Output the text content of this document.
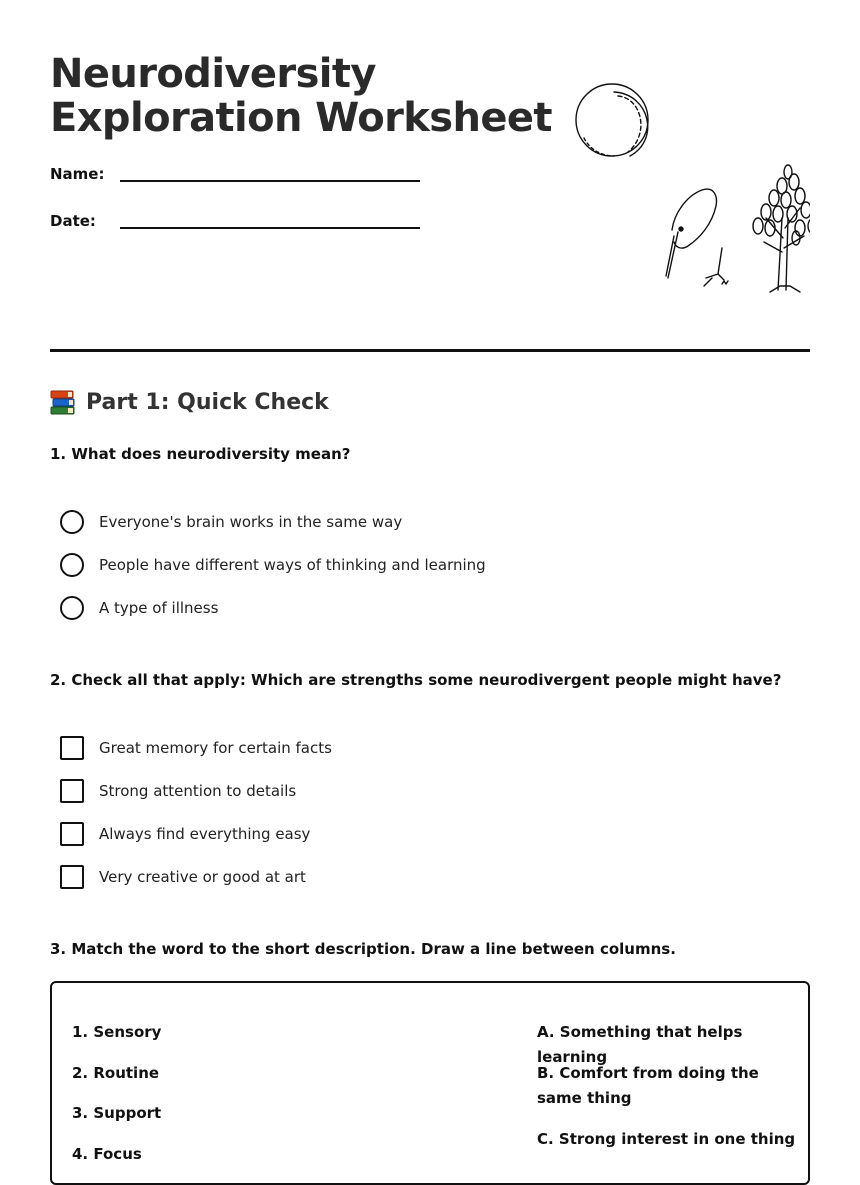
Neurodiversity
Exploration Worksheet
Name:
Date:
Part 1: Quick Check

1. What does neurodiversity mean?

Everyone's brain works in the same way
People have different ways of thinking and learning
A type of illness

2. Check all that apply: Which are strengths some neurodivergent people might have?

Great memory for certain facts
Strong attention to details
Always find everything easy
Very creative or good at art

3. Match the word to the short description. Draw a line between columns.

1. Sensory
2. Routine
3. Support
4. Focus
A. Something that helps learning
B. Comfort from doing the same thing
C. Strong interest in one thing
